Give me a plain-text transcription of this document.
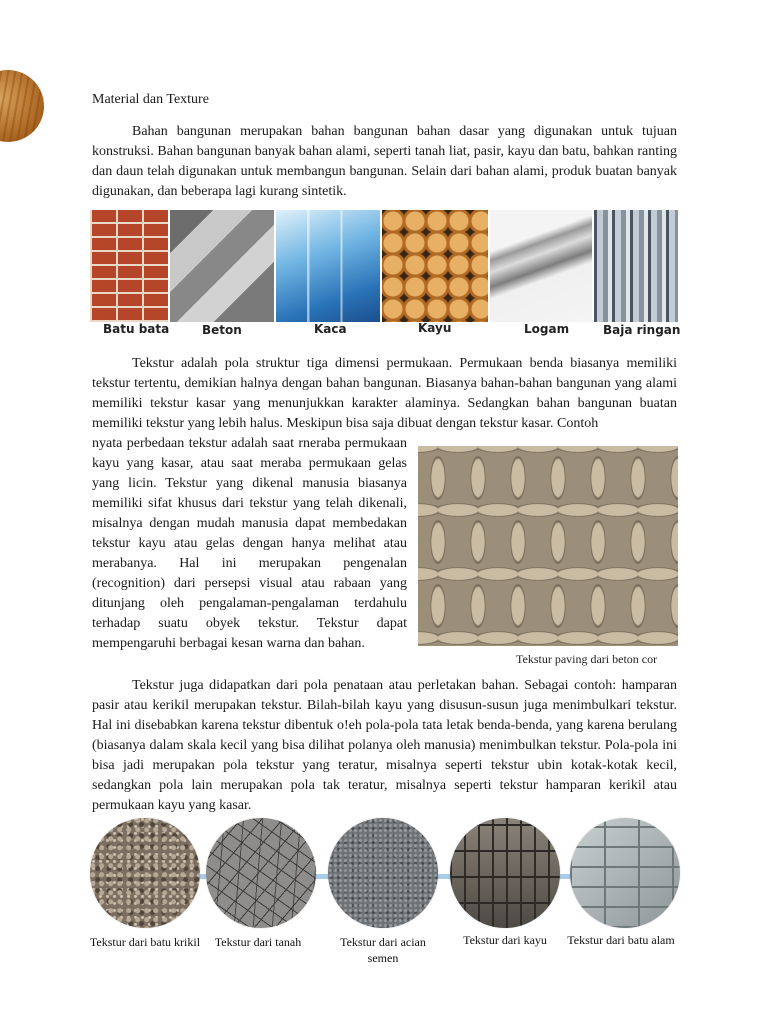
Material dan Texture

Bahan bangunan merupakan bahan bangunan bahan dasar yang digunakan untuk tujuan konstruksi. Bahan bangunan banyak bahan alami, seperti tanah liat, pasir, kayu dan batu, bahkan ranting dan daun telah digunakan untuk membangun bangunan. Selain dari bahan alami, produk buatan banyak digunakan, dan beberapa lagi kurang sintetik.

Batu bata	Beton	Kaca	Kayu	Logam	Baja ringan

Tekstur adalah pola struktur tiga dimensi permukaan. Permukaan benda biasanya memiliki tekstur tertentu, demikian halnya dengan bahan bangunan. Biasanya bahan-bahan bangunan yang alami memiliki tekstur kasar yang menunjukkan karakter alaminya. Sedangkan bahan bangunan buatan memiliki tekstur yang lebih halus. Meskipun bisa saja dibuat dengan tekstur kasar. Contoh

nyata perbedaan tekstur adalah saat rneraba permukaan kayu yang kasar, atau saat meraba permukaan gelas yang licin. Tekstur yang dikenal manusia biasanya memiliki sifat khusus dari tekstur yang telah dikenali, misalnya dengan mudah manusia dapat membedakan tekstur kayu atau gelas dengan hanya melihat atau merabanya. Hal ini merupakan pengenalan (recognition) dari persepsi visual atau rabaan yang ditunjang oleh pengalaman-pengalaman terdahulu terhadap suatu obyek tekstur. Tekstur dapat mempengaruhi berbagai kesan warna dan bahan.

Tekstur paving dari beton cor

Tekstur juga didapatkan dari pola penataan atau perletakan bahan. Sebagai contoh: hamparan pasir atau kerikil merupakan tekstur. Bilah-bilah kayu yang disusun-susun juga menimbulkari tekstur. Hal ini disebabkan karena tekstur dibentuk o!eh pola-pola tata letak benda-benda, yang karena berulang (biasanya dalam skala kecil yang bisa dilihat polanya oleh manusia) menimbulkan tekstur. Pola-pola ini bisa jadi merupakan pola tekstur yang teratur, misalnya seperti tekstur ubin kotak-kotak kecil, sedangkan pola lain merupakan pola tak teratur, misalnya seperti tekstur hamparan kerikil atau permukaan kayu yang kasar.

Tekstur dari batu krikil	Tekstur dari tanah	Tekstur dari acian semen
Tekstur dari kayu	Tekstur dari batu alam
